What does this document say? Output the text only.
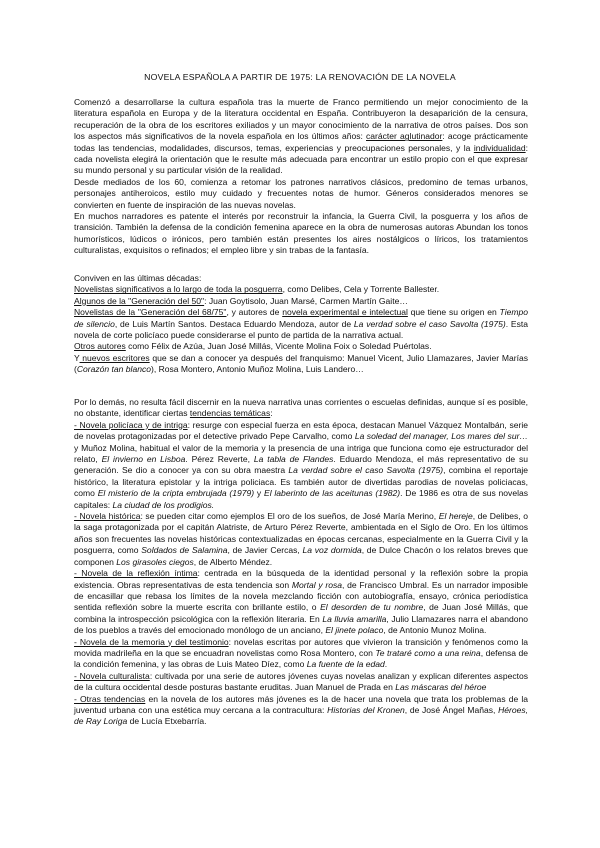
NOVELA ESPAÑOLA A PARTIR DE 1975: LA RENOVACIÓN DE LA NOVELA

Comenzó a desarrollarse la cultura española tras la muerte de Franco permitiendo un mejor conocimiento de la literatura española en Europa y de la literatura occidental en España. Contribuyeron la desaparición de la censura, recuperación de la obra de los escritores exiliados y un mayor conocimiento de la narrativa de otros países. Dos son los aspectos más significativos de la novela española en los últimos años: carácter aglutinador: acoge prácticamente todas las tendencias, modalidades, discursos, temas, experiencias y preocupaciones personales, y la individualidad: cada novelista elegirá la orientación que le resulte más adecuada para encontrar un estilo propio con el que expresar su mundo personal y su particular visión de la realidad.

Desde mediados de los 60, comienza a retomar los patrones narrativos clásicos, predomino de temas urbanos, personajes antiheroicos, estilo muy cuidado y frecuentes notas de humor. Géneros considerados menores se convierten en fuente de inspiración de las nuevas novelas.

En muchos narradores es patente el interés por reconstruir la infancia, la Guerra Civil, la posguerra y los años de transición. También la defensa de la condición femenina aparece en la obra de numerosas autoras Abundan los tonos humorísticos, lúdicos o irónicos, pero también están presentes los aires nostálgicos o líricos, los tratamientos culturalistas, exquisitos o refinados; el empleo libre y sin trabas de la fantasía.

Conviven en las últimas décadas:

Novelistas significativos a lo largo de toda la posguerra, como Delibes, Cela y Torrente Ballester.

Algunos de la "Generación del 50": Juan Goytisolo, Juan Marsé, Carmen Martín Gaite…

Novelistas de la "Generación del 68/75", y autores de novela experimental e intelectual que tiene su origen en Tiempo de silencio, de Luis Martín Santos. Destaca Eduardo Mendoza, autor de La verdad sobre el caso Savolta (1975). Esta novela de corte policíaco puede considerarse el punto de partida de la narrativa actual.

Otros autores como Félix de Azúa, Juan José Millás, Vicente Molina Foix o Soledad Puértolas.

Y nuevos escritores que se dan a conocer ya después del franquismo: Manuel Vicent, Julio Llamazares, Javier Marías (Corazón tan blanco), Rosa Montero, Antonio Muñoz Molina, Luis Landero…

Por lo demás, no resulta fácil discernir en la nueva narrativa unas corrientes o escuelas definidas, aunque sí es posible, no obstante, identificar ciertas tendencias temáticas:

- Novela policíaca y de intriga: resurge con especial fuerza en esta época, destacan Manuel Vázquez Montalbán, serie de novelas protagonizadas por el detective privado Pepe Carvalho, como La soledad del manager, Los mares del sur… y Muñoz Molina, habitual el valor de la memoria y la presencia de una intriga que funciona como eje estructurador del relato, El invierno en Lisboa. Pérez Reverte, La tabla de Flandes. Eduardo Mendoza, el más representativo de su generación. Se dio a conocer ya con su obra maestra La verdad sobre el caso Savolta (1975), combina el reportaje histórico, la literatura epistolar y la intriga policiaca. Es también autor de divertidas parodias de novelas policiacas, como El misterio de la cripta embrujada (1979) y El laberinto de las aceitunas (1982). De 1986 es otra de sus novelas capitales: La ciudad de los prodigios.

- Novela histórica: se pueden citar como ejemplos El oro de los sueños, de José María Merino, El hereje, de Delibes, o la saga protagonizada por el capitán Alatriste, de Arturo Pérez Reverte, ambientada en el Siglo de Oro. En los últimos años son frecuentes las novelas históricas contextualizadas en épocas cercanas, especialmente en la Guerra Civil y la posguerra, como Soldados de Salamina, de Javier Cercas, La voz dormida, de Dulce Chacón o los relatos breves que componen Los girasoles ciegos, de Alberto Méndez.

- Novela de la reflexión íntima: centrada en la búsqueda de la identidad personal y la reflexión sobre la propia existencia. Obras representativas de esta tendencia son Mortal y rosa, de Francisco Umbral. Es un narrador imposible de encasillar que rebasa los límites de la novela mezclando ficción con autobiografía, ensayo, crónica periodística sentida reflexión sobre la muerte escrita con brillante estilo, o El desorden de tu nombre, de Juan José Millás, que combina la introspección psicológica con la reflexión literaria. En La lluvia amarilla, Julio Llamazares narra el abandono de los pueblos a través del emocionado monólogo de un anciano, El jinete polaco, de Antonio Munoz Molina.

- Novela de la memoria y del testimonio: novelas escritas por autores que vivieron la transición y fenómenos como la movida madrileña en la que se encuadran novelistas como Rosa Montero, con Te trataré como a una reina, defensa de la condición femenina, y las obras de Luis Mateo Díez, como La fuente de la edad.

- Novela culturalista: cultivada por una serie de autores jóvenes cuyas novelas analizan y explican diferentes aspectos de la cultura occidental desde posturas bastante eruditas. Juan Manuel de Prada en Las máscaras del héroe

- Otras tendencias en la novela de los autores más jóvenes es la de hacer una novela que trata los problemas de la juventud urbana con una estética muy cercana a la contracultura: Historias del Kronen, de José Ángel Mañas, Héroes, de Ray Loriga de Lucía Etxebarría.
